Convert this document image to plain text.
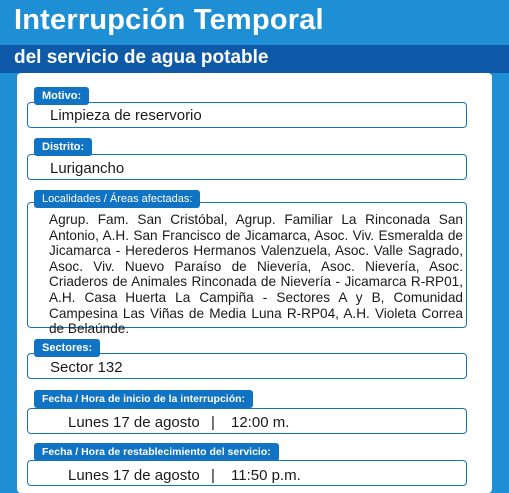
Interrupción Temporal
del servicio de agua potable
Limpieza de reservorio
Motivo:
Lurigancho
Distrito:
Agrup. Fam. San Cristóbal, Agrup. Familiar La Rinconada San Antonio, A.H. San Francisco de Jicamarca, Asoc. Viv. Esmeralda de Jicamarca - Herederos Hermanos Valenzuela, Asoc. Valle Sagrado, Asoc. Viv. Nuevo Paraíso de Nievería, Asoc. Nievería, Asoc. Criaderos de Animales Rinconada de Nievería - Jicamarca R-RP01, A.H. Casa Huerta La Campiña - Sectores A y B, Comunidad Campesina Las Viñas de Media Luna R-RP04, A.H. Violeta Correa de Belaúnde.
Localidades / Áreas afectadas:
Sector 132
Sectores:
Lunes 17 de agosto | 12:00 m.
Fecha / Hora de inicio de la interrupción:
Lunes 17 de agosto | 11:50 p.m.
Fecha / Hora de restablecimiento del servicio:
